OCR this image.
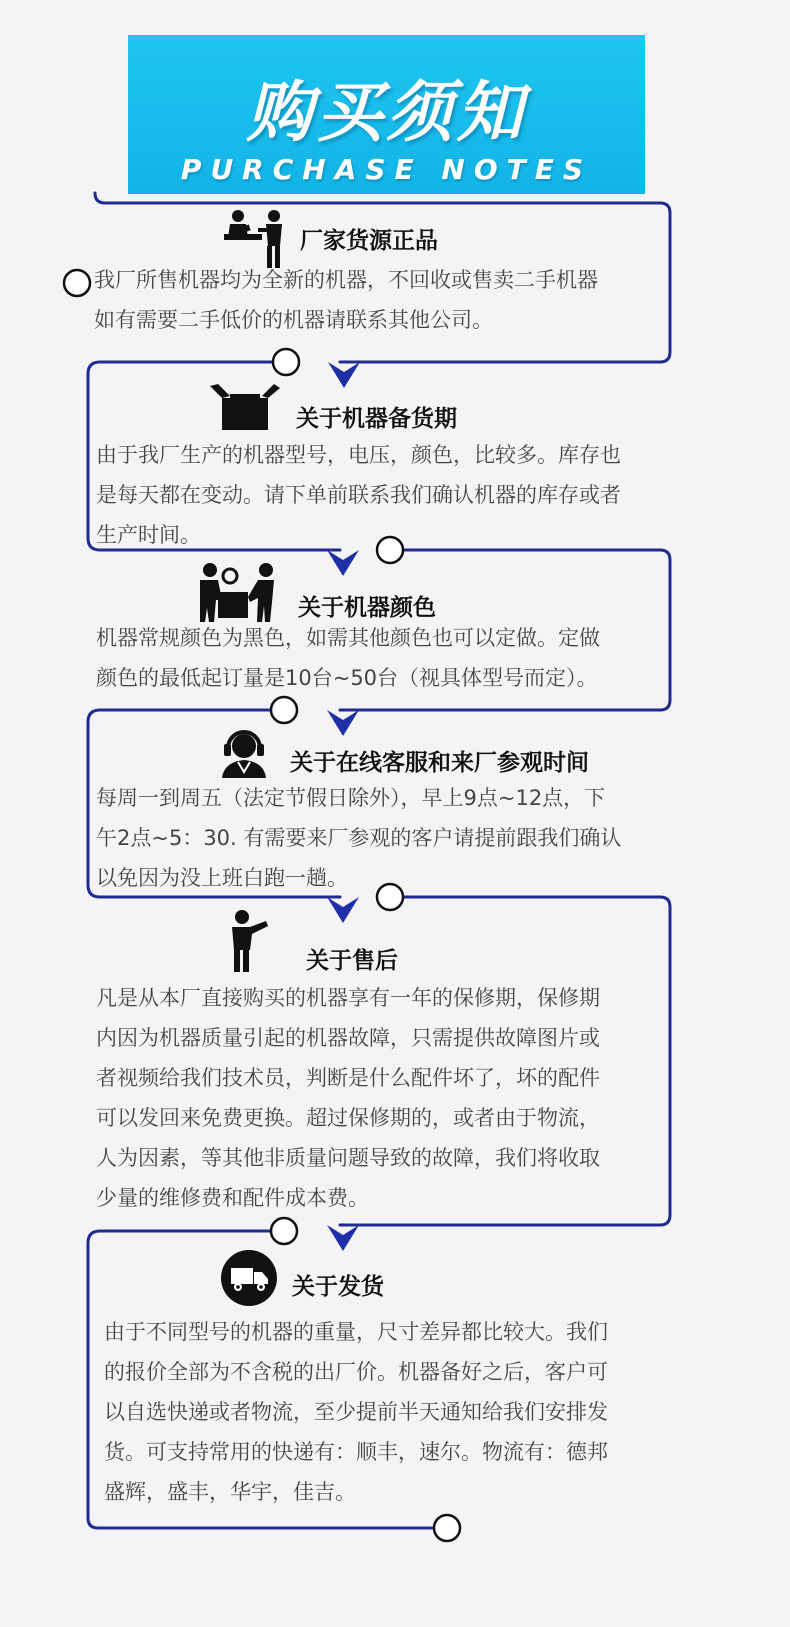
购买须知
PURCHASE NOTES
厂家货源正品
我厂所售机器均为全新的机器，不回收或售卖二手机器
如有需要二手低价的机器请联系其他公司。
关于机器备货期
由于我厂生产的机器型号，电压，颜色，比较多。库存也
是每天都在变动。请下单前联系我们确认机器的库存或者
生产时间。
关于机器颜色
机器常规颜色为黑色，如需其他颜色也可以定做。定做
颜色的最低起订量是10台~50台（视具体型号而定）。
关于在线客服和来厂参观时间
每周一到周五（法定节假日除外），早上9点~12点，下
午2点~5：30. 有需要来厂参观的客户请提前跟我们确认
以免因为没上班白跑一趟。
关于售后
凡是从本厂直接购买的机器享有一年的保修期，保修期
内因为机器质量引起的机器故障，只需提供故障图片或
者视频给我们技术员，判断是什么配件坏了，坏的配件
可以发回来免费更换。超过保修期的，或者由于物流，
人为因素，等其他非质量问题导致的故障，我们将收取
少量的维修费和配件成本费。
关于发货
由于不同型号的机器的重量，尺寸差异都比较大。我们
的报价全部为不含税的出厂价。机器备好之后，客户可
以自选快递或者物流，至少提前半天通知给我们安排发
货。可支持常用的快递有：顺丰，速尔。物流有：德邦
盛辉，盛丰，华宇，佳吉。
